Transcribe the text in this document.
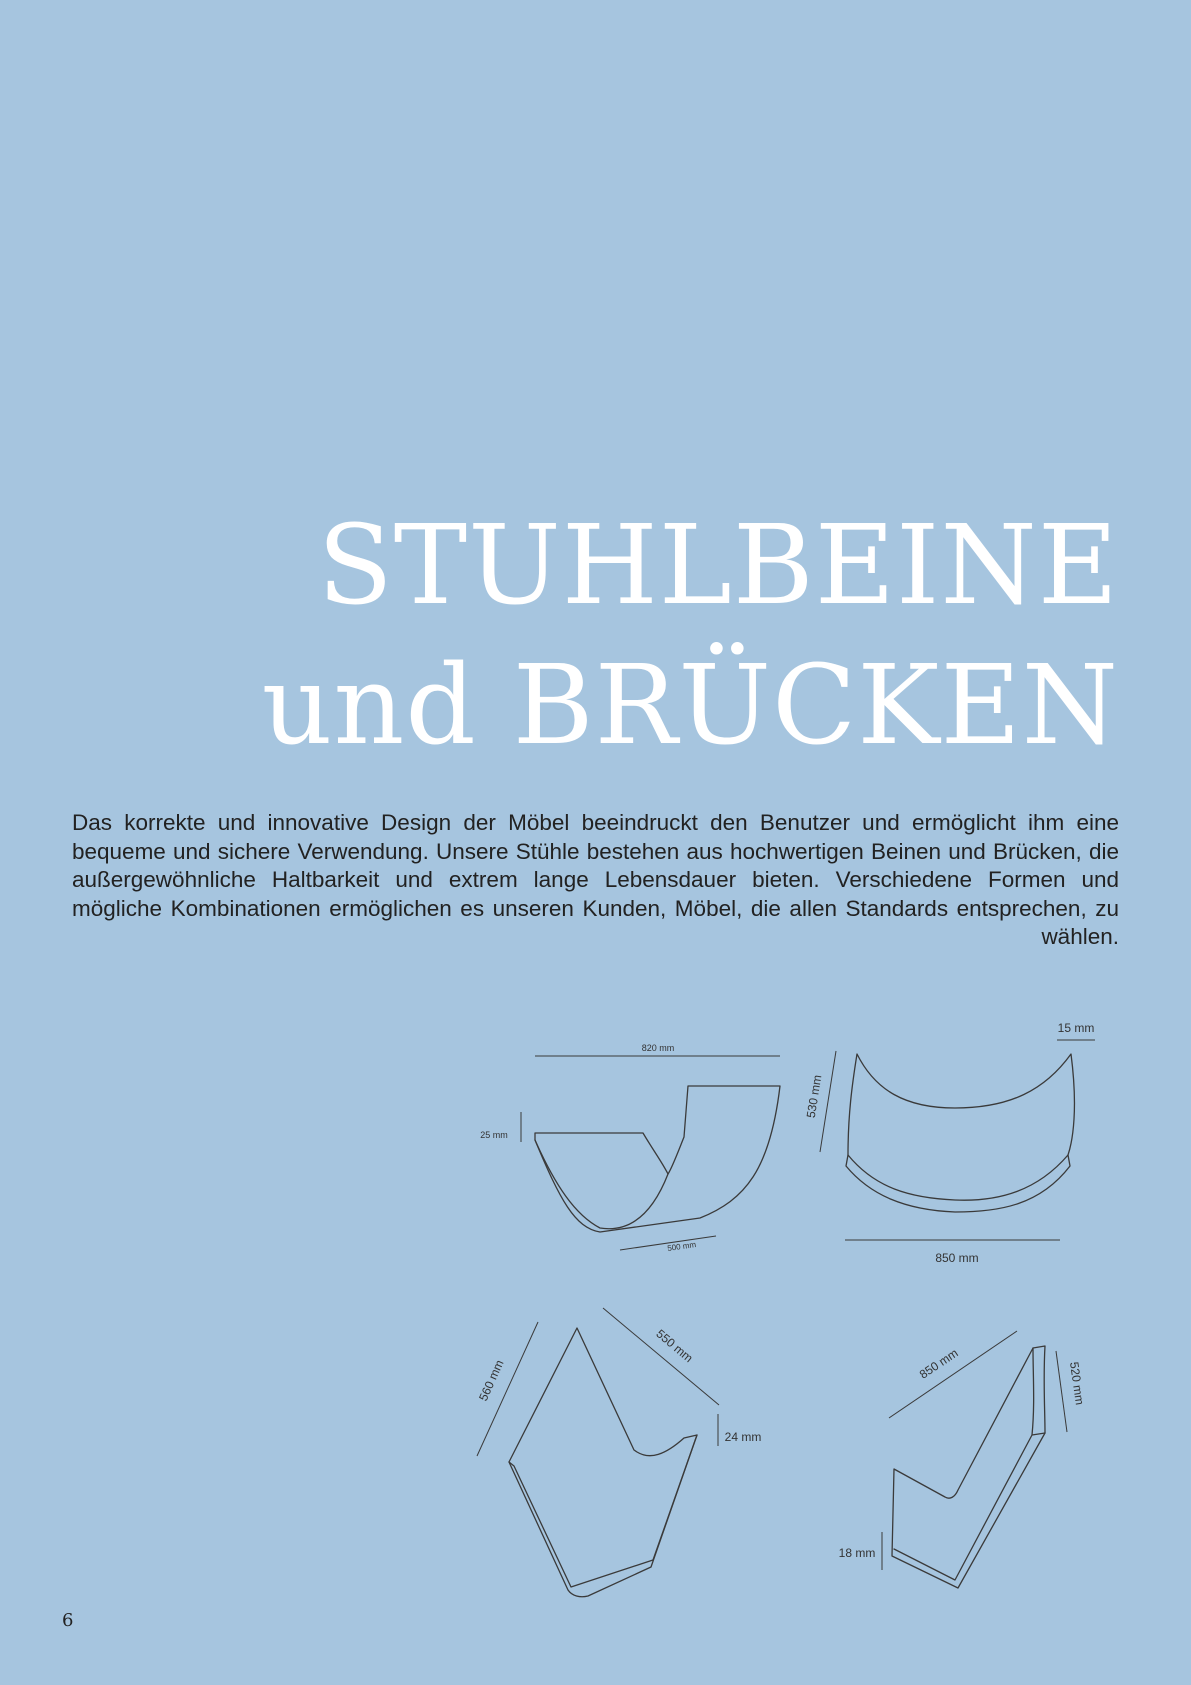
STUHLBEINE
und BRÜCKEN

Das korrekte und innovative Design der Möbel beeindruckt den Benutzer und ermöglicht ihm eine bequeme und sichere Verwendung. Unsere Stühle bestehen aus hochwertigen Beinen und Brücken, die außergewöhnliche Haltbarkeit und extrem lange Lebensdauer bieten. Verschiedene Formen und mögliche Kombinationen ermöglichen es unseren Kunden, Möbel, die allen Standards entsprechen, zu wählen.

820 mm
25 mm
500 mm
15 mm
530 mm
850 mm
560 mm
550 mm
24 mm
850 mm	520 mm
18 mm
6
